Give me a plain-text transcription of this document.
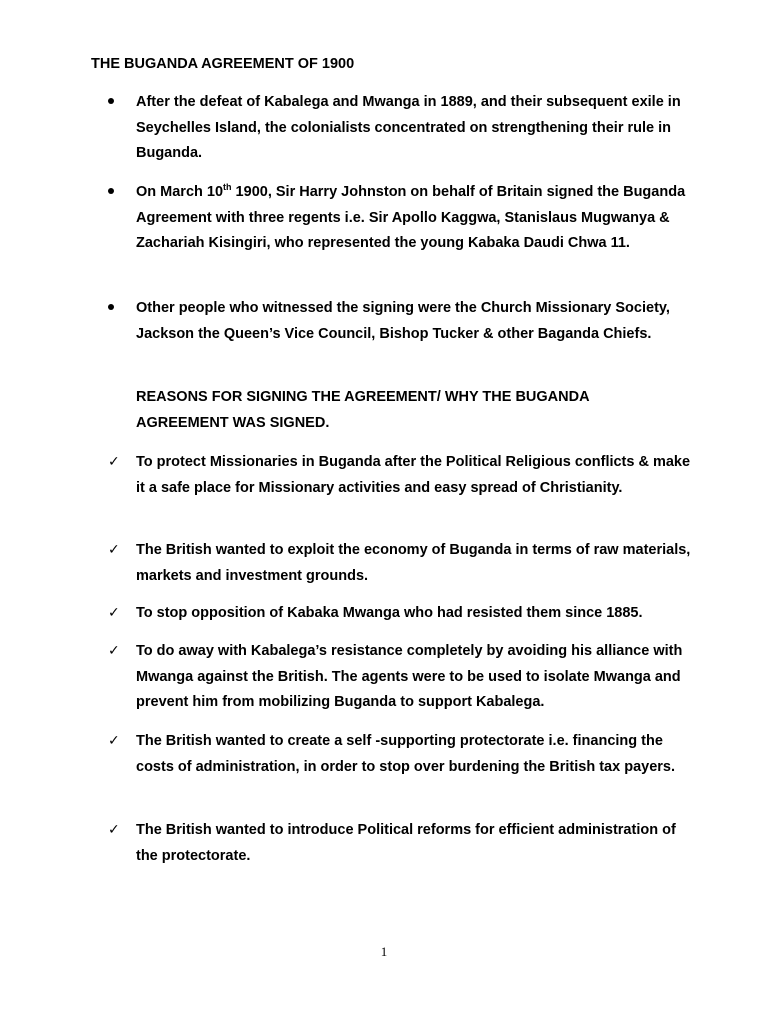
THE BUGANDA AGREEMENT OF 1900
After the defeat of Kabalega and Mwanga in 1889, and their subsequent exile in Seychelles Island, the colonialists concentrated on strengthening their rule in Buganda.
On March 10th 1900, Sir Harry Johnston on behalf of Britain signed the Buganda Agreement with three regents i.e. Sir Apollo Kaggwa, Stanislaus Mugwanya & Zachariah Kisingiri, who represented the young Kabaka Daudi Chwa 11.
Other people who witnessed the signing were the Church Missionary Society, Jackson the Queen’s Vice Council, Bishop Tucker & other Baganda Chiefs.
REASONS FOR SIGNING THE AGREEMENT/ WHY THE BUGANDA AGREEMENT WAS SIGNED.
✓	To protect Missionaries in Buganda after the Political Religious conflicts & make it a safe place for Missionary activities and easy spread of Christianity.
✓	The British wanted to exploit the economy of Buganda in terms of raw materials, markets and investment grounds.
✓	To stop opposition of Kabaka Mwanga who had resisted them since 1885.
✓	To do away with Kabalega’s resistance completely by avoiding his alliance with Mwanga against the British. The agents were to be used to isolate Mwanga and prevent him from mobilizing Buganda to support Kabalega.
✓	The British wanted to create a self -supporting protectorate i.e. financing the costs of administration, in order to stop over burdening the British tax payers.
✓	The British wanted to introduce Political reforms for efficient administration of the protectorate.
1
